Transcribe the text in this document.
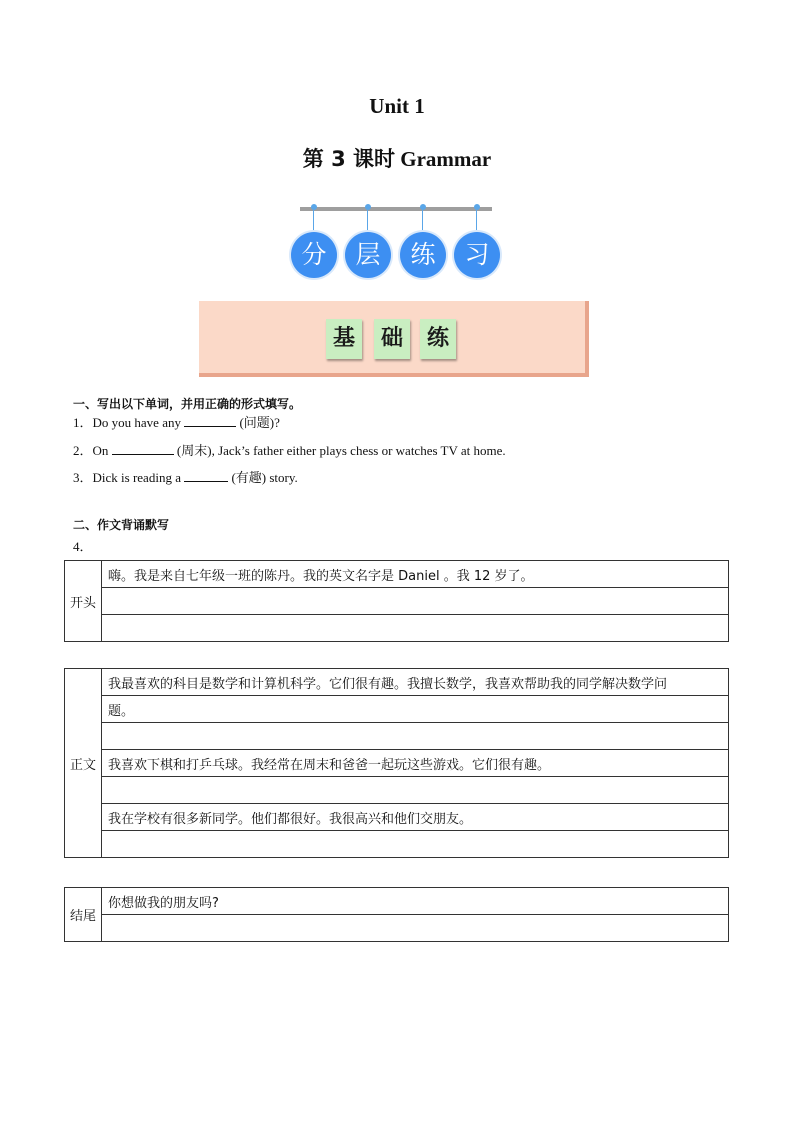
Unit 1
第 3 课时 Grammar
分	层	练	习
基	础	练
一、写出以下单词，并用正确的形式填写。
1．Do you have any	(问题)?
2．On	(周末), Jack’s father either plays chess or watches TV at home.
3．Dick is reading a	(有趣) story.
二、作文背诵默写
4．
开头	嗨。我是来自七年级一班的陈丹。我的英文名字是 Daniel 。我 12 岁了。

正文	我最喜欢的科目是数学和计算机科学。它们很有趣。我擅长数学，我喜欢帮助我的同学解决数学问
题。

我喜欢下棋和打乒乓球。我经常在周末和爸爸一起玩这些游戏。它们很有趣。

我在学校有很多新同学。他们都很好。我很高兴和他们交朋友。

结尾	你想做我的朋友吗?
